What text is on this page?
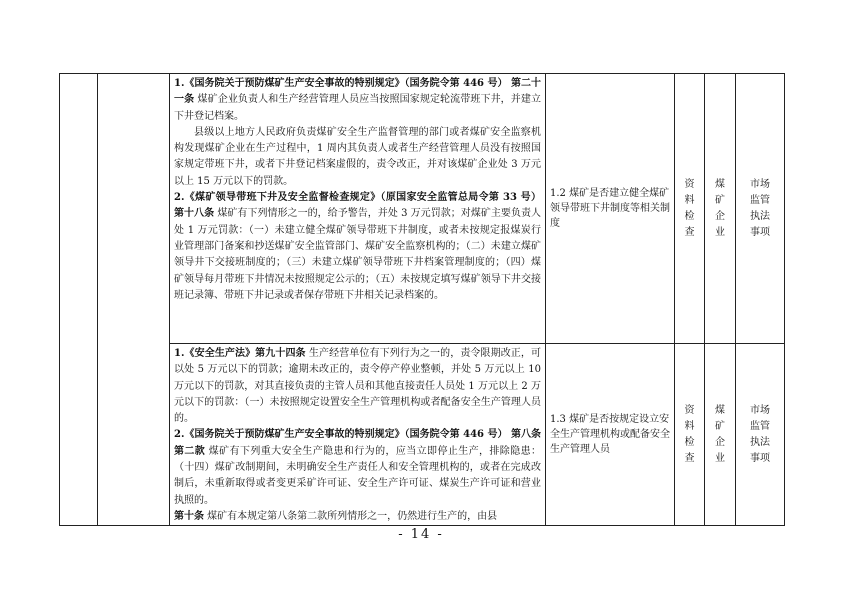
		1.《国务院关于预防煤矿生产安全事故的特别规定》（国务院令第 446 号） 第二十一条 煤矿企业负责人和生产经营管理人员应当按照国家规定轮流带班下井，并建立下井登记档案。

县级以上地方人民政府负责煤矿安全生产监督管理的部门或者煤矿安全监察机构发现煤矿企业在生产过程中，1 周内其负责人或者生产经营管理人员没有按照国家规定带班下井，或者下井登记档案虚假的，责令改正，并对该煤矿企业处 3 万元以上 15 万元以下的罚款。

2.《煤矿领导带班下井及安全监督检查规定》（原国家安全监管总局令第 33 号） 第十八条 煤矿有下列情形之一的，给予警告，并处 3 万元罚款；对煤矿主要负责人处 1 万元罚款：（一）未建立健全煤矿领导带班下井制度，或者未按规定报煤炭行业管理部门备案和抄送煤矿安全监管部门、煤矿安全监察机构的；（二）未建立煤矿领导井下交接班制度的；（三）未建立煤矿领导带班下井档案管理制度的；（四）煤矿领导每月带班下井情况未按照规定公示的；（五）未按规定填写煤矿领导下井交接班记录簿、带班下井记录或者保存带班下井相关记录档案的。	1.2 煤矿是否建立健全煤矿领导带班下井制度等相关制度	资料检查	煤矿企业	市场监管执法事项

		1.《安全生产法》第九十四条 生产经营单位有下列行为之一的，责令限期改正，可以处 5 万元以下的罚款；逾期未改正的，责令停产停业整顿，并处 5 万元以上 10 万元以下的罚款，对其直接负责的主管人员和其他直接责任人员处 1 万元以上 2 万元以下的罚款：（一）未按照规定设置安全生产管理机构或者配备安全生产管理人员的。

2.《国务院关于预防煤矿生产安全事故的特别规定》（国务院令第 446 号） 第八条第二款 煤矿有下列重大安全生产隐患和行为的，应当立即停止生产，排除隐患：（十四）煤矿改制期间，未明确安全生产责任人和安全管理机构的，或者在完成改制后，未重新取得或者变更采矿许可证、安全生产许可证、煤炭生产许可证和营业执照的。

第十条 煤矿有本规定第八条第二款所列情形之一，仍然进行生产的，由县	1.3 煤矿是否按规定设立安全生产管理机构或配备安全生产管理人员	资料检查	煤矿企业	市场监管执法事项
- 14 -
